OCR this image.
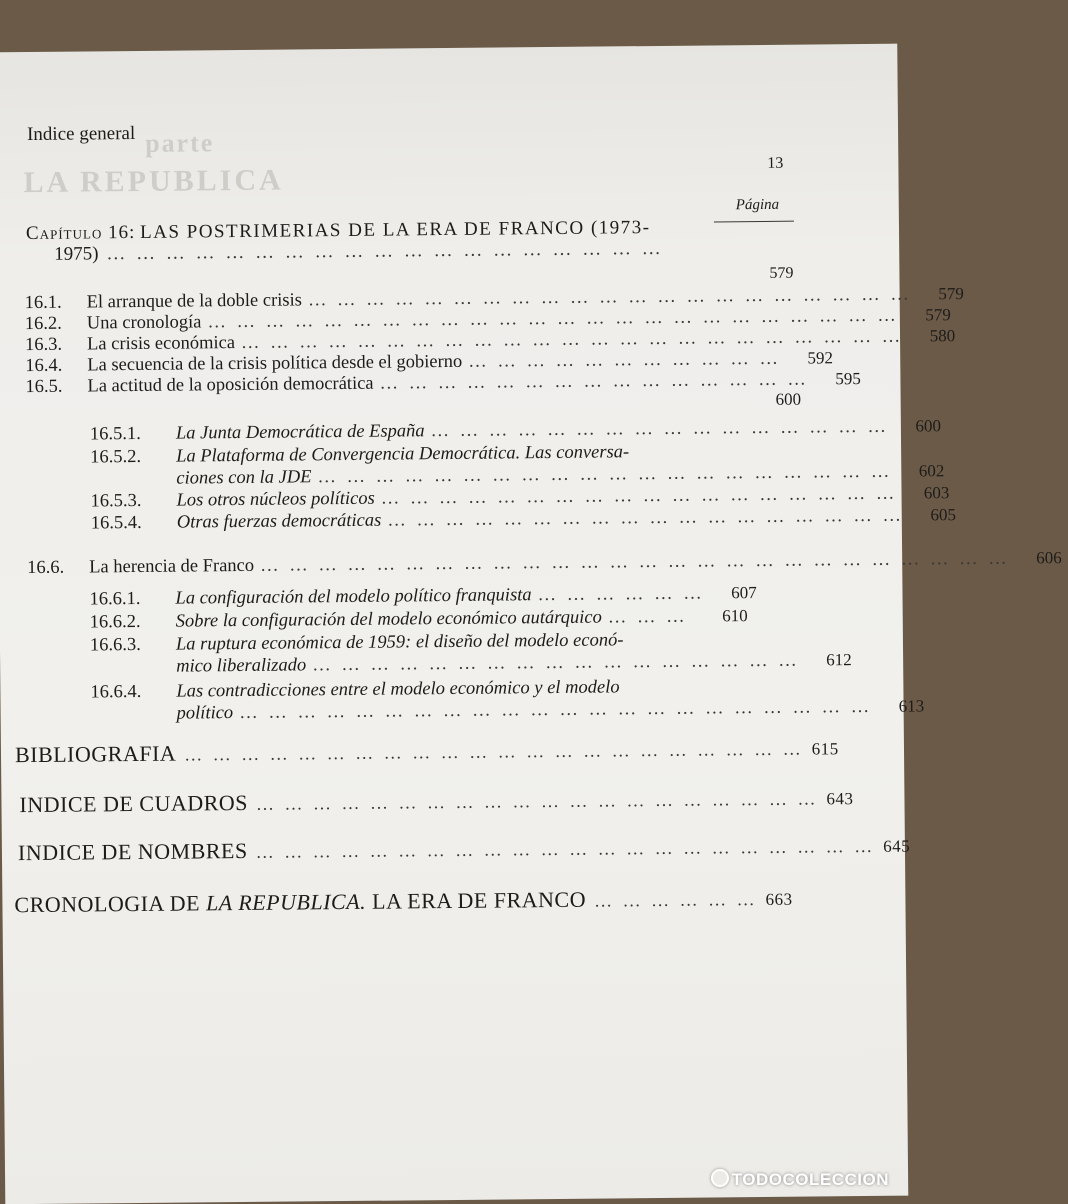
parte
LA REPUBLICA
Indice general
13
Página
Capítulo 16: LAS POSTRIMERIAS DE LA ERA DE FRANCO (1973-
1975) … … … … … … … … … … … … … … … … … … …
579
16.1.	El arranque de la doble crisis … … … … … … … … … … … … … … … … … … … … …	579
16.2.	Una cronología … … … … … … … … … … … … … … … … … … … … … … … …	579
16.3.	La crisis económica … … … … … … … … … … … … … … … … … … … … … … …	580
16.4.	La secuencia de la crisis política desde el gobierno … … … … … … … … … … …	592
16.5.	La actitud de la oposición democrática … … … … … … … … … … … … … … …	595
600
16.5.1.	La Junta Democrática de España … … … … … … … … … … … … … … … …	600
16.5.2.	La Plataforma de Convergencia Democrática. Las conversa-
ciones con la JDE … … … … … … … … … … … … … … … … … … … …	602
16.5.3.	Los otros núcleos políticos … … … … … … … … … … … … … … … … … …	603
16.5.4.	Otras fuerzas democráticas … … … … … … … … … … … … … … … … … …	605
16.6.	La herencia de Franco … … … … … … … … … … … … … … … … … … … … … … … … … …	606
16.6.1.	La configuración del modelo político franquista … … … … … …	607
16.6.2.	Sobre la configuración del modelo económico autárquico … … …	610
16.6.3.	La ruptura económica de 1959: el diseño del modelo econó-
mico liberalizado … … … … … … … … … … … … … … … … …	612
16.6.4.	Las contradicciones entre el modelo económico y el modelo
político … … … … … … … … … … … … … … … … … … … … … …	613
BIBLIOGRAFIA … … … … … … … … … … … … … … … … … … … … … … 615
INDICE DE CUADROS … … … … … … … … … … … … … … … … … … … … 643
INDICE DE NOMBRES … … … … … … … … … … … … … … … … … … … … … … 645
CRONOLOGIA DE LA REPUBLICA. LA ERA DE FRANCO … … … … … … 663
TODOCOLECCION
